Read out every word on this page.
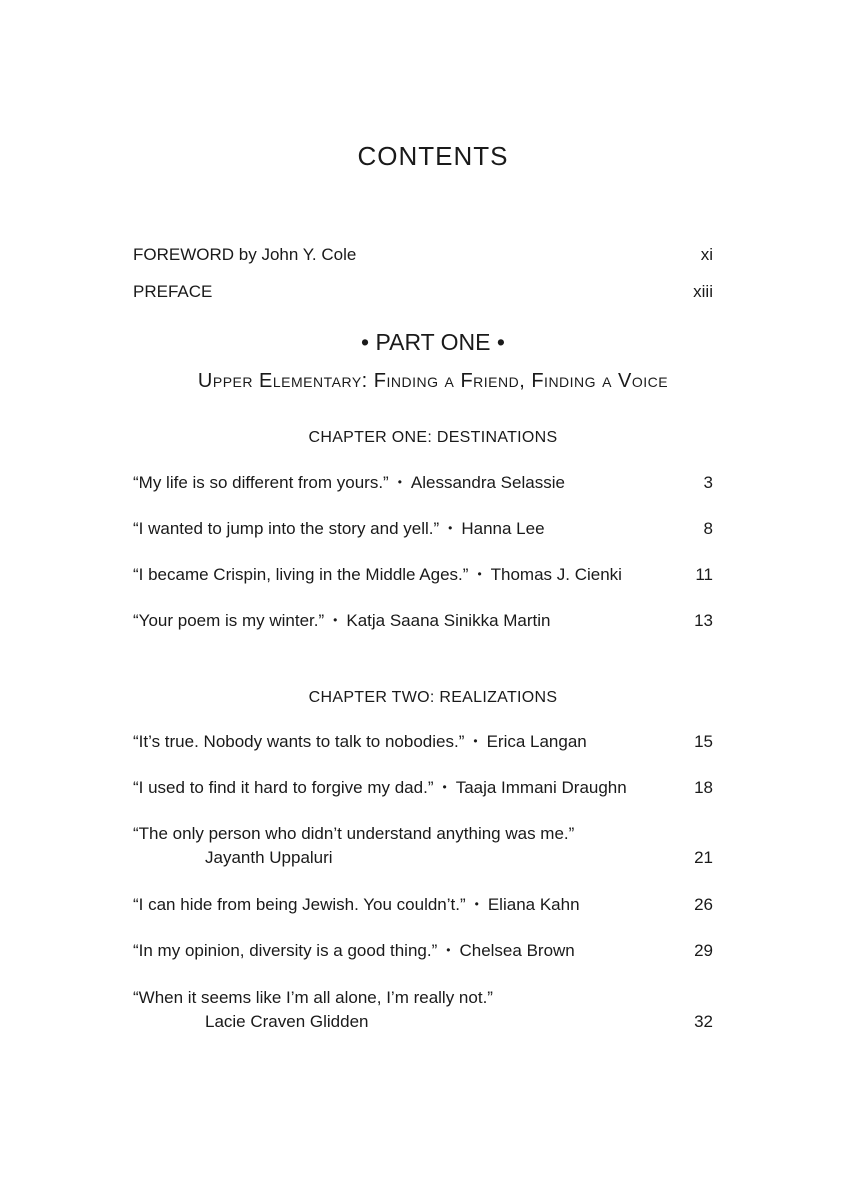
CONTENTS
FOREWORD by John Y. Cole	xi
PREFACE	xiii
• PART ONE •
Upper Elementary: Finding a Friend, Finding a Voice
CHAPTER ONE: DESTINATIONS
“My life is so different from yours.” • Alessandra Selassie	3
“I wanted to jump into the story and yell.” • Hanna Lee	8
“I became Crispin, living in the Middle Ages.” • Thomas J. Cienki	11
“Your poem is my winter.” • Katja Saana Sinikka Martin	13
CHAPTER TWO: REALIZATIONS
“It’s true. Nobody wants to talk to nobodies.” • Erica Langan	15
“I used to find it hard to forgive my dad.” • Taaja Immani Draughn	18
“The only person who didn’t understand anything was me.”
Jayanth Uppaluri	21
“I can hide from being Jewish. You couldn’t.” • Eliana Kahn	26
“In my opinion, diversity is a good thing.” • Chelsea Brown	29
“When it seems like I’m all alone, I’m really not.”
Lacie Craven Glidden	32
